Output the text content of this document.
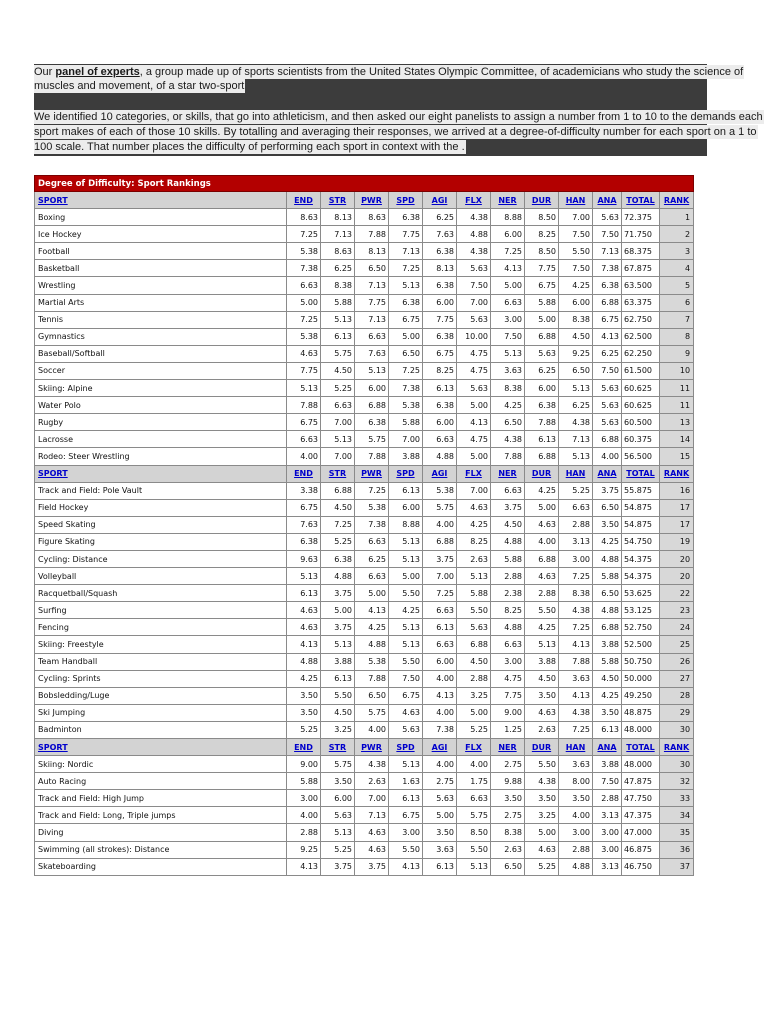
Our panel of experts, a group made up of sports scientists from the United States Olympic Committee, of academicians who study the science of
muscles and movement, of a star two-sport
We identified 10 categories, or skills, that go into athleticism, and then asked our eight panelists to assign a number from 1 to 10 to the demands each
sport makes of each of those 10 skills. By totalling and averaging their responses, we arrived at a degree-of-difficulty number for each sport on a 1 to
100 scale. That number places the difficulty of performing each sport in context with the .
Degree of Difficulty: Sport Rankings												
SPORT	END	STR	PWR	SPD	AGI	FLX	NER	DUR	HAN	ANA	TOTAL	RANK
Boxing	8.63	8.13	8.63	6.38	6.25	4.38	8.88	8.50	7.00	5.63	72.375	1
Ice Hockey	7.25	7.13	7.88	7.75	7.63	4.88	6.00	8.25	7.50	7.50	71.750	2
Football	5.38	8.63	8.13	7.13	6.38	4.38	7.25	8.50	5.50	7.13	68.375	3
Basketball	7.38	6.25	6.50	7.25	8.13	5.63	4.13	7.75	7.50	7.38	67.875	4
Wrestling	6.63	8.38	7.13	5.13	6.38	7.50	5.00	6.75	4.25	6.38	63.500	5
Martial Arts	5.00	5.88	7.75	6.38	6.00	7.00	6.63	5.88	6.00	6.88	63.375	6
Tennis	7.25	5.13	7.13	6.75	7.75	5.63	3.00	5.00	8.38	6.75	62.750	7
Gymnastics	5.38	6.13	6.63	5.00	6.38	10.00	7.50	6.88	4.50	4.13	62.500	8
Baseball/Softball	4.63	5.75	7.63	6.50	6.75	4.75	5.13	5.63	9.25	6.25	62.250	9
Soccer	7.75	4.50	5.13	7.25	8.25	4.75	3.63	6.25	6.50	7.50	61.500	10
Skiing: Alpine	5.13	5.25	6.00	7.38	6.13	5.63	8.38	6.00	5.13	5.63	60.625	11
Water Polo	7.88	6.63	6.88	5.38	6.38	5.00	4.25	6.38	6.25	5.63	60.625	11
Rugby	6.75	7.00	6.38	5.88	6.00	4.13	6.50	7.88	4.38	5.63	60.500	13
Lacrosse	6.63	5.13	5.75	7.00	6.63	4.75	4.38	6.13	7.13	6.88	60.375	14
Rodeo: Steer Wrestling	4.00	7.00	7.88	3.88	4.88	5.00	7.88	6.88	5.13	4.00	56.500	15
SPORT	END	STR	PWR	SPD	AGI	FLX	NER	DUR	HAN	ANA	TOTAL	RANK
Track and Field: Pole Vault	3.38	6.88	7.25	6.13	5.38	7.00	6.63	4.25	5.25	3.75	55.875	16
Field Hockey	6.75	4.50	5.38	6.00	5.75	4.63	3.75	5.00	6.63	6.50	54.875	17
Speed Skating	7.63	7.25	7.38	8.88	4.00	4.25	4.50	4.63	2.88	3.50	54.875	17
Figure Skating	6.38	5.25	6.63	5.13	6.88	8.25	4.88	4.00	3.13	4.25	54.750	19
Cycling: Distance	9.63	6.38	6.25	5.13	3.75	2.63	5.88	6.88	3.00	4.88	54.375	20
Volleyball	5.13	4.88	6.63	5.00	7.00	5.13	2.88	4.63	7.25	5.88	54.375	20
Racquetball/Squash	6.13	3.75	5.00	5.50	7.25	5.88	2.38	2.88	8.38	6.50	53.625	22
Surfing	4.63	5.00	4.13	4.25	6.63	5.50	8.25	5.50	4.38	4.88	53.125	23
Fencing	4.63	3.75	4.25	5.13	6.13	5.63	4.88	4.25	7.25	6.88	52.750	24
Skiing: Freestyle	4.13	5.13	4.88	5.13	6.63	6.88	6.63	5.13	4.13	3.88	52.500	25
Team Handball	4.88	3.88	5.38	5.50	6.00	4.50	3.00	3.88	7.88	5.88	50.750	26
Cycling: Sprints	4.25	6.13	7.88	7.50	4.00	2.88	4.75	4.50	3.63	4.50	50.000	27
Bobsledding/Luge	3.50	5.50	6.50	6.75	4.13	3.25	7.75	3.50	4.13	4.25	49.250	28
Ski Jumping	3.50	4.50	5.75	4.63	4.00	5.00	9.00	4.63	4.38	3.50	48.875	29
Badminton	5.25	3.25	4.00	5.63	7.38	5.25	1.25	2.63	7.25	6.13	48.000	30
SPORT	END	STR	PWR	SPD	AGI	FLX	NER	DUR	HAN	ANA	TOTAL	RANK
Skiing: Nordic	9.00	5.75	4.38	5.13	4.00	4.00	2.75	5.50	3.63	3.88	48.000	30
Auto Racing	5.88	3.50	2.63	1.63	2.75	1.75	9.88	4.38	8.00	7.50	47.875	32
Track and Field: High Jump	3.00	6.00	7.00	6.13	5.63	6.63	3.50	3.50	3.50	2.88	47.750	33
Track and Field: Long, Triple jumps	4.00	5.63	7.13	6.75	5.00	5.75	2.75	3.25	4.00	3.13	47.375	34
Diving	2.88	5.13	4.63	3.00	3.50	8.50	8.38	5.00	3.00	3.00	47.000	35
Swimming (all strokes): Distance	9.25	5.25	4.63	5.50	3.63	5.50	2.63	4.63	2.88	3.00	46.875	36
Skateboarding	4.13	3.75	3.75	4.13	6.13	5.13	6.50	5.25	4.88	3.13	46.750	37
